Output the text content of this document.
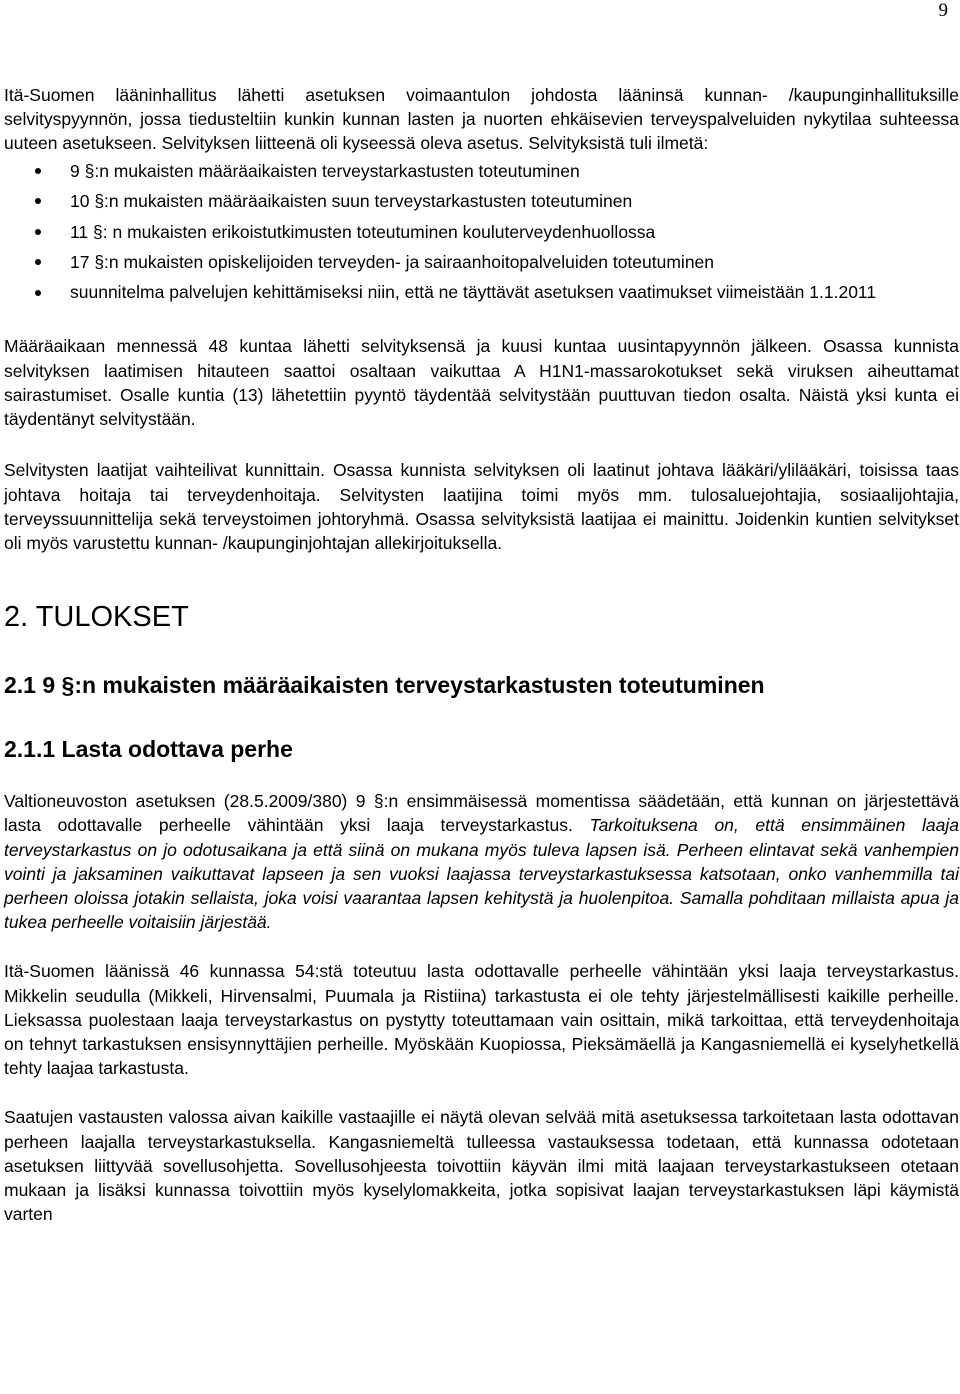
9

Itä-Suomen lääninhallitus lähetti asetuksen voimaantulon johdosta lääninsä kunnan- /kaupunginhallituksille selvityspyynnön, jossa tiedusteltiin kunkin kunnan lasten ja nuorten ehkäisevien terveyspalveluiden nykytilaa suhteessa uuteen asetukseen. Selvityksen liitteenä oli kyseessä oleva asetus. Selvityksistä tuli ilmetä:

9 §:n mukaisten määräaikaisten terveystarkastusten toteutuminen
10 §:n mukaisten määräaikaisten suun terveystarkastusten toteutuminen
11 §: n mukaisten erikoistutkimusten toteutuminen kouluterveydenhuollossa
17 §:n mukaisten opiskelijoiden terveyden- ja sairaanhoitopalveluiden toteutuminen
suunnitelma palvelujen kehittämiseksi niin, että ne täyttävät asetuksen vaatimukset viimeistään 1.1.2011

Määräaikaan mennessä 48 kuntaa lähetti selvityksensä ja kuusi kuntaa uusintapyynnön jälkeen. Osassa kunnista selvityksen laatimisen hitauteen saattoi osaltaan vaikuttaa A H1N1-massarokotukset sekä viruksen aiheuttamat sairastumiset. Osalle kuntia (13) lähetettiin pyyntö täydentää selvitystään puuttuvan tiedon osalta. Näistä yksi kunta ei täydentänyt selvitystään.

Selvitysten laatijat vaihteilivat kunnittain. Osassa kunnista selvityksen oli laatinut johtava lääkäri/ylilääkäri, toisissa taas johtava hoitaja tai terveydenhoitaja. Selvitysten laatijina toimi myös mm. tulosaluejohtajia, sosiaalijohtajia, terveyssuunnittelija sekä terveystoimen johtoryhmä. Osassa selvityksistä laatijaa ei mainittu. Joidenkin kuntien selvitykset oli myös varustettu kunnan- /kaupunginjohtajan allekirjoituksella.

2. TULOKSET
2.1 9 §:n mukaisten määräaikaisten terveystarkastusten toteutuminen
2.1.1 Lasta odottava perhe

Valtioneuvoston asetuksen (28.5.2009/380) 9 §:n ensimmäisessä momentissa säädetään, että kunnan on järjestettävä lasta odottavalle perheelle vähintään yksi laaja terveystarkastus. Tarkoituksena on, että ensimmäinen laaja terveystarkastus on jo odotusaikana ja että siinä on mukana myös tuleva lapsen isä. Perheen elintavat sekä vanhempien vointi ja jaksaminen vaikuttavat lapseen ja sen vuoksi laajassa terveystarkastuksessa katsotaan, onko vanhemmilla tai perheen oloissa jotakin sellaista, joka voisi vaarantaa lapsen kehitystä ja huolenpitoa. Samalla pohditaan millaista apua ja tukea perheelle voitaisiin järjestää.

Itä-Suomen läänissä 46 kunnassa 54:stä toteutuu lasta odottavalle perheelle vähintään yksi laaja terveystarkastus. Mikkelin seudulla (Mikkeli, Hirvensalmi, Puumala ja Ristiina) tarkastusta ei ole tehty järjestelmällisesti kaikille perheille. Lieksassa puolestaan laaja terveystarkastus on pystytty toteuttamaan vain osittain, mikä tarkoittaa, että terveydenhoitaja on tehnyt tarkastuksen ensisynnyttäjien perheille. Myöskään Kuopiossa, Pieksämäellä ja Kangasniemellä ei kyselyhetkellä tehty laajaa tarkastusta.

Saatujen vastausten valossa aivan kaikille vastaajille ei näytä olevan selvää mitä asetuksessa tarkoitetaan lasta odottavan perheen laajalla terveystarkastuksella. Kangasniemeltä tulleessa vastauksessa todetaan, että kunnassa odotetaan asetuksen liittyvää sovellusohjetta. Sovellusohjeesta toivottiin käyvän ilmi mitä laajaan terveystarkastukseen otetaan mukaan ja lisäksi kunnassa toivottiin myös kyselylomakkeita, jotka sopisivat laajan terveystarkastuksen läpi käymistä varten
